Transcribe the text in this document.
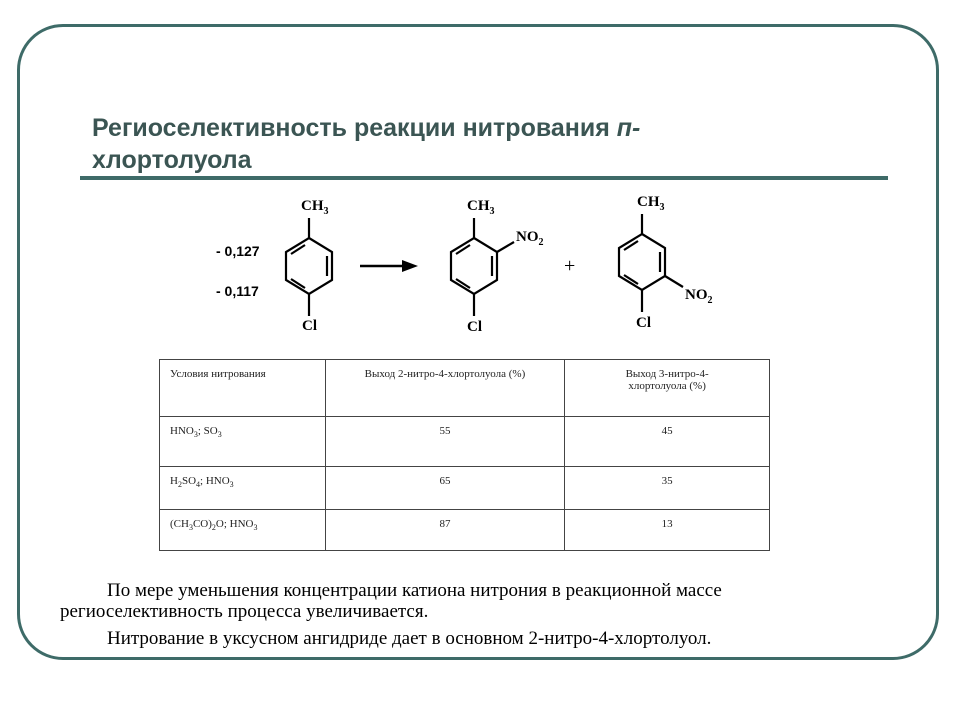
Региоселективность реакции нитрования п-
хлортолуола
- 0,127
- 0,117
$CH_3$
Cl
$CH_3$
$NO_2$
Cl
+
$CH_3$
$NO_2$
Cl
Условия нитрования	Выход 2-нитро-4-хлортолуола (%)	Выход 3-нитро-4-хлортолуола (%)
$HNO_3$; $SO_3$	55	45
$H_2SO_4$; $HNO_3$	65	35
$(CH_3CO)_2O$; $HNO_3$	87	13

По мере уменьшения концентрации катиона нитрония в реакционной массе
региоселективность процесса увеличивается.

Нитрование в уксусном ангидриде дает в основном 2-нитро-4-хлортолуол.
